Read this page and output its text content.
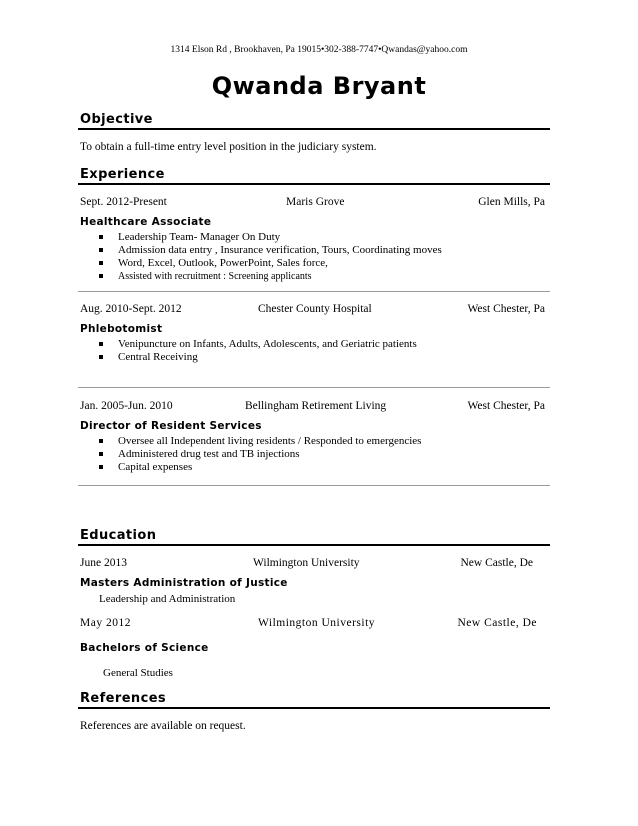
1314 Elson Rd , Brookhaven, Pa 19015•302-388-7747•Qwandas@yahoo.com
Qwanda Bryant
Objective
To obtain a full-time entry level position in the judiciary system.
Experience
Sept. 2012-Present	Maris Grove	Glen Mills, Pa
Healthcare Associate
Leadership Team- Manager On Duty
Admission data entry , Insurance verification, Tours, Coordinating moves
Word, Excel, Outlook, PowerPoint, Sales force,
Assisted with recruitment : Screening applicants
Aug. 2010-Sept. 2012	Chester County Hospital	West Chester, Pa
Phlebotomist
Venipuncture on Infants, Adults, Adolescents, and Geriatric patients
Central Receiving
Jan. 2005-Jun. 2010	Bellingham Retirement Living	West Chester, Pa
Director of Resident Services
Oversee all Independent living residents / Responded to emergencies
Administered drug test and TB injections
Capital expenses
Education
June 2013	Wilmington University	New Castle, De
Masters Administration of Justice
Leadership and Administration
May 2012	Wilmington University	New Castle, De
Bachelors of Science
General Studies
References
References are available on request.
